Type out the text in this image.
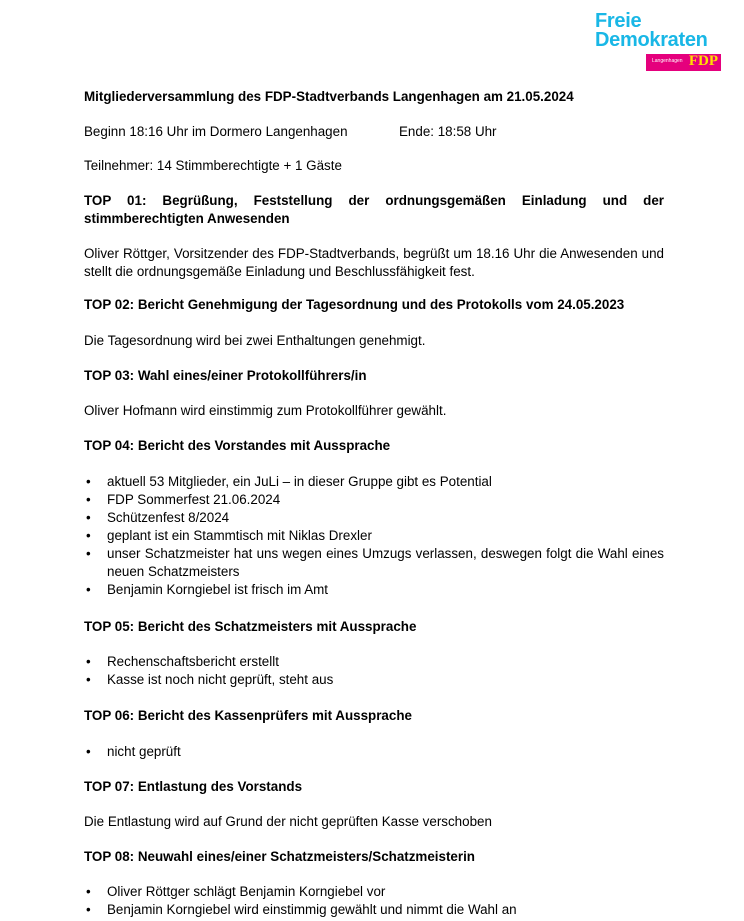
Freie
Demokraten
Langenhagen FDP

Mitgliederversammlung des FDP-Stadtverbands Langenhagen am 21.05.2024

Beginn 18:16 Uhr im Dormero Langenhagen	Ende: 18:58 Uhr

Teilnehmer: 14 Stimmberechtigte + 1 Gäste

TOP 01: Begrüßung, Feststellung der ordnungsgemäßen Einladung und der stimmberechtigten Anwesenden

Oliver Röttger, Vorsitzender des FDP-Stadtverbands, begrüßt um 18.16 Uhr die Anwesenden und stellt die ordnungsgemäße Einladung und Beschlussfähigkeit fest.

TOP 02: Bericht Genehmigung der Tagesordnung und des Protokolls vom 24.05.2023

Die Tagesordnung wird bei zwei Enthaltungen genehmigt.

TOP 03: Wahl eines/einer Protokollführers/in

Oliver Hofmann wird einstimmig zum Protokollführer gewählt.

TOP 04: Bericht des Vorstandes mit Aussprache

• aktuell 53 Mitglieder, ein JuLi – in dieser Gruppe gibt es Potential
• FDP Sommerfest 21.06.2024
• Schützenfest 8/2024
• geplant ist ein Stammtisch mit Niklas Drexler
• unser Schatzmeister hat uns wegen eines Umzugs verlassen, deswegen folgt die Wahl eines neuen Schatzmeisters
• Benjamin Korngiebel ist frisch im Amt

TOP 05: Bericht des Schatzmeisters mit Aussprache

• Rechenschaftsbericht erstellt
• Kasse ist noch nicht geprüft, steht aus

TOP 06: Bericht des Kassenprüfers mit Aussprache

• nicht geprüft

TOP 07: Entlastung des Vorstands

Die Entlastung wird auf Grund der nicht geprüften Kasse verschoben

TOP 08: Neuwahl eines/einer Schatzmeisters/Schatzmeisterin

• Oliver Röttger schlägt Benjamin Korngiebel vor
• Benjamin Korngiebel wird einstimmig gewählt und nimmt die Wahl an
